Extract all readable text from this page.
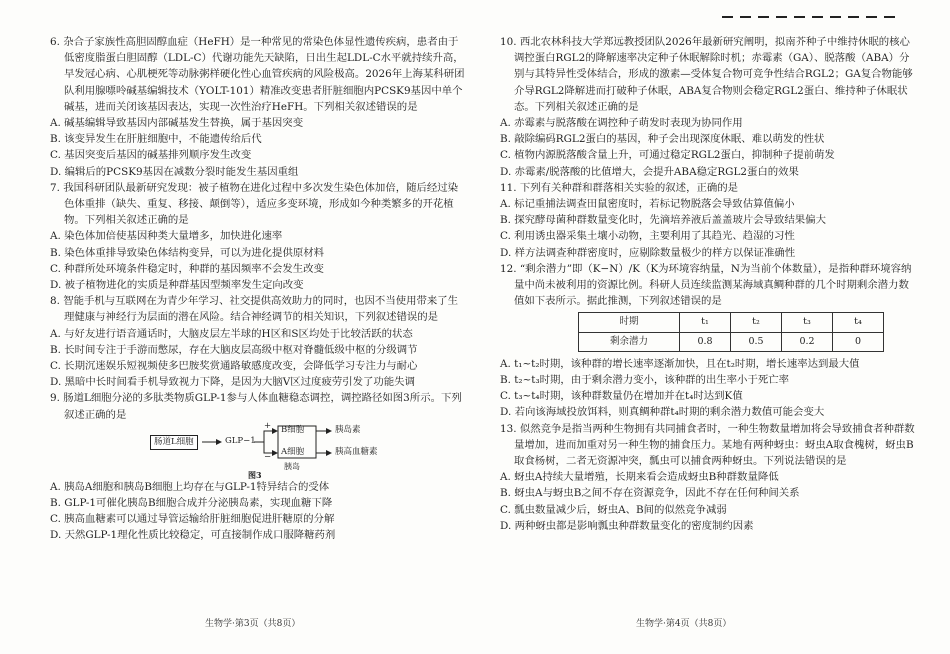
6. 杂合子家族性高胆固醇血症（HeFH）是一种常见的常染色体显性遗传疾病，患者由于低密度脂蛋白胆固醇（LDL-C）代谢功能先天缺陷，日出生起LDL-C水平就持续升高，早发冠心病、心肌梗死等动脉粥样硬化性心血管疾病的风险极高。2026年上海某科研团队利用腺嘌呤碱基编辑技术（YOLT-101）精准改变患者肝脏细胞内PCSK9基因中单个碱基，进而关闭该基因表达，实现一次性治疗HeFH。下列相关叙述错误的是
A. 碱基编辑导致基因内部碱基发生替换，属于基因突变
B. 该变异发生在肝脏细胞中，不能遗传给后代
C. 基因突变后基因的碱基排列顺序发生改变
D. 编辑后的PCSK9基因在减数分裂时能发生基因重组
7. 我国科研团队最新研究发现：被子植物在进化过程中多次发生染色体加倍，随后经过染色体重排（缺失、重复、移接、颠倒等），适应多变环境，形成如今种类繁多的开花植物。下列相关叙述正确的是
A. 染色体加倍使基因种类大量增多，加快进化速率
B. 染色体重排导致染色体结构变异，可以为进化提供原材料
C. 种群所处环境条件稳定时，种群的基因频率不会发生改变
D. 被子植物进化的实质是种群基因型频率发生定向改变
8. 智能手机与互联网在为青少年学习、社交提供高效助力的同时，也因不当使用带来了生理健康与神经行为层面的潜在风险。结合神经调节的相关知识，下列叙述错误的是
A. 与好友进行语音通话时，大脑皮层左半球的H区和S区均处于比较活跃的状态
B. 长时间专注于手游而憋尿，存在大脑皮层高级中枢对脊髓低级中枢的分级调节
C. 长期沉迷娱乐短视频使多巴胺奖赏通路敏感度改变，会降低学习专注力与耐心
D. 黑暗中长时间看手机导致视力下降，是因为大脑V区过度疲劳引发了功能失调
9. 肠道L细胞分泌的多肽类物质GLP-1参与人体血糖稳态调控，调控路径如图3所示。下列叙述正确的是
肠道L细胞	GLP−1
+
−
B细胞
A细胞
胰岛
胰岛素
胰高血糖素
图3
A. 胰岛A细胞和胰岛B细胞上均存在与GLP-1特异结合的受体
B. GLP-1可催化胰岛B细胞合成并分泌胰岛素，实现血糖下降
C. 胰高血糖素可以通过导管运输给肝脏细胞促进肝糖原的分解
D. 天然GLP-1理化性质比较稳定，可直接制作成口服降糖药剂
10. 西北农林科技大学郑远教授团队2026年最新研究阐明，拟南芥种子中维持休眠的核心调控蛋白RGL2的降解速率决定种子休眠解除时机；赤霉素（GA）、脱落酸（ABA）分别与其特异性受体结合，形成的激素—受体复合物可竞争性结合RGL2；GA复合物能够介导RGL2降解进而打破种子休眠，ABA复合物则会稳定RGL2蛋白、维持种子休眠状态。下列相关叙述正确的是
A. 赤霉素与脱落酸在调控种子萌发时表现为协同作用
B. 敲除编码RGL2蛋白的基因，种子会出现深度休眠、难以萌发的性状
C. 植物内源脱落酸含量上升，可通过稳定RGL2蛋白，抑制种子提前萌发
D. 赤霉素/脱落酸的比值增大，会提升ABA稳定RGL2蛋白的效果
11. 下列有关种群和群落相关实验的叙述，正确的是
A. 标记重捕法调查田鼠密度时，若标记物脱落会导致估算值偏小
B. 探究酵母菌种群数量变化时，先滴培养液后盖盖玻片会导致结果偏大
C. 利用诱虫器采集土壤小动物，主要利用了其趋光、趋湿的习性
D. 样方法调查种群密度时，应剔除数量极少的样方以保证准确性
12. “剩余潜力”即（K−N）/K（K为环境容纳量，N为当前个体数量），是指种群环境容纳量中尚未被利用的资源比例。科研人员连续监测某海域真鲷种群的几个时期剩余潜力数值如下表所示。据此推测，下列叙述错误的是
时期	t₁	t₂	t₃	t₄
剩余潜力	0.8	0.5	0.2	0
A. t₁~t₂时期，该种群的增长速率逐渐加快，且在t₂时期，增长速率达到最大值
B. t₂~t₃时期，由于剩余潜力变小，该种群的出生率小于死亡率
C. t₃~t₄时期，该种群数量仍在增加并在t₄时达到K值
D. 若向该海域投放饵料，则真鲷种群t₄时期的剩余潜力数值可能会变大
13. 似然竞争是指当两种生物拥有共同捕食者时，一种生物数量增加将会导致捕食者种群数量增加，进而加重对另一种生物的捕食压力。某地有两种蚜虫：蚜虫A取食槐树，蚜虫B取食杨树，二者无资源冲突，瓢虫可以捕食两种蚜虫。下列说法错误的是
A. 蚜虫A持续大量增殖，长期来看会造成蚜虫B种群数量降低
B. 蚜虫A与蚜虫B之间不存在资源竞争，因此不存在任何种间关系
C. 瓢虫数量减少后，蚜虫A、B间的似然竞争减弱
D. 两种蚜虫都是影响瓢虫种群数量变化的密度制约因素
生物学·第3页（共8页）	生物学·第4页（共8页）
